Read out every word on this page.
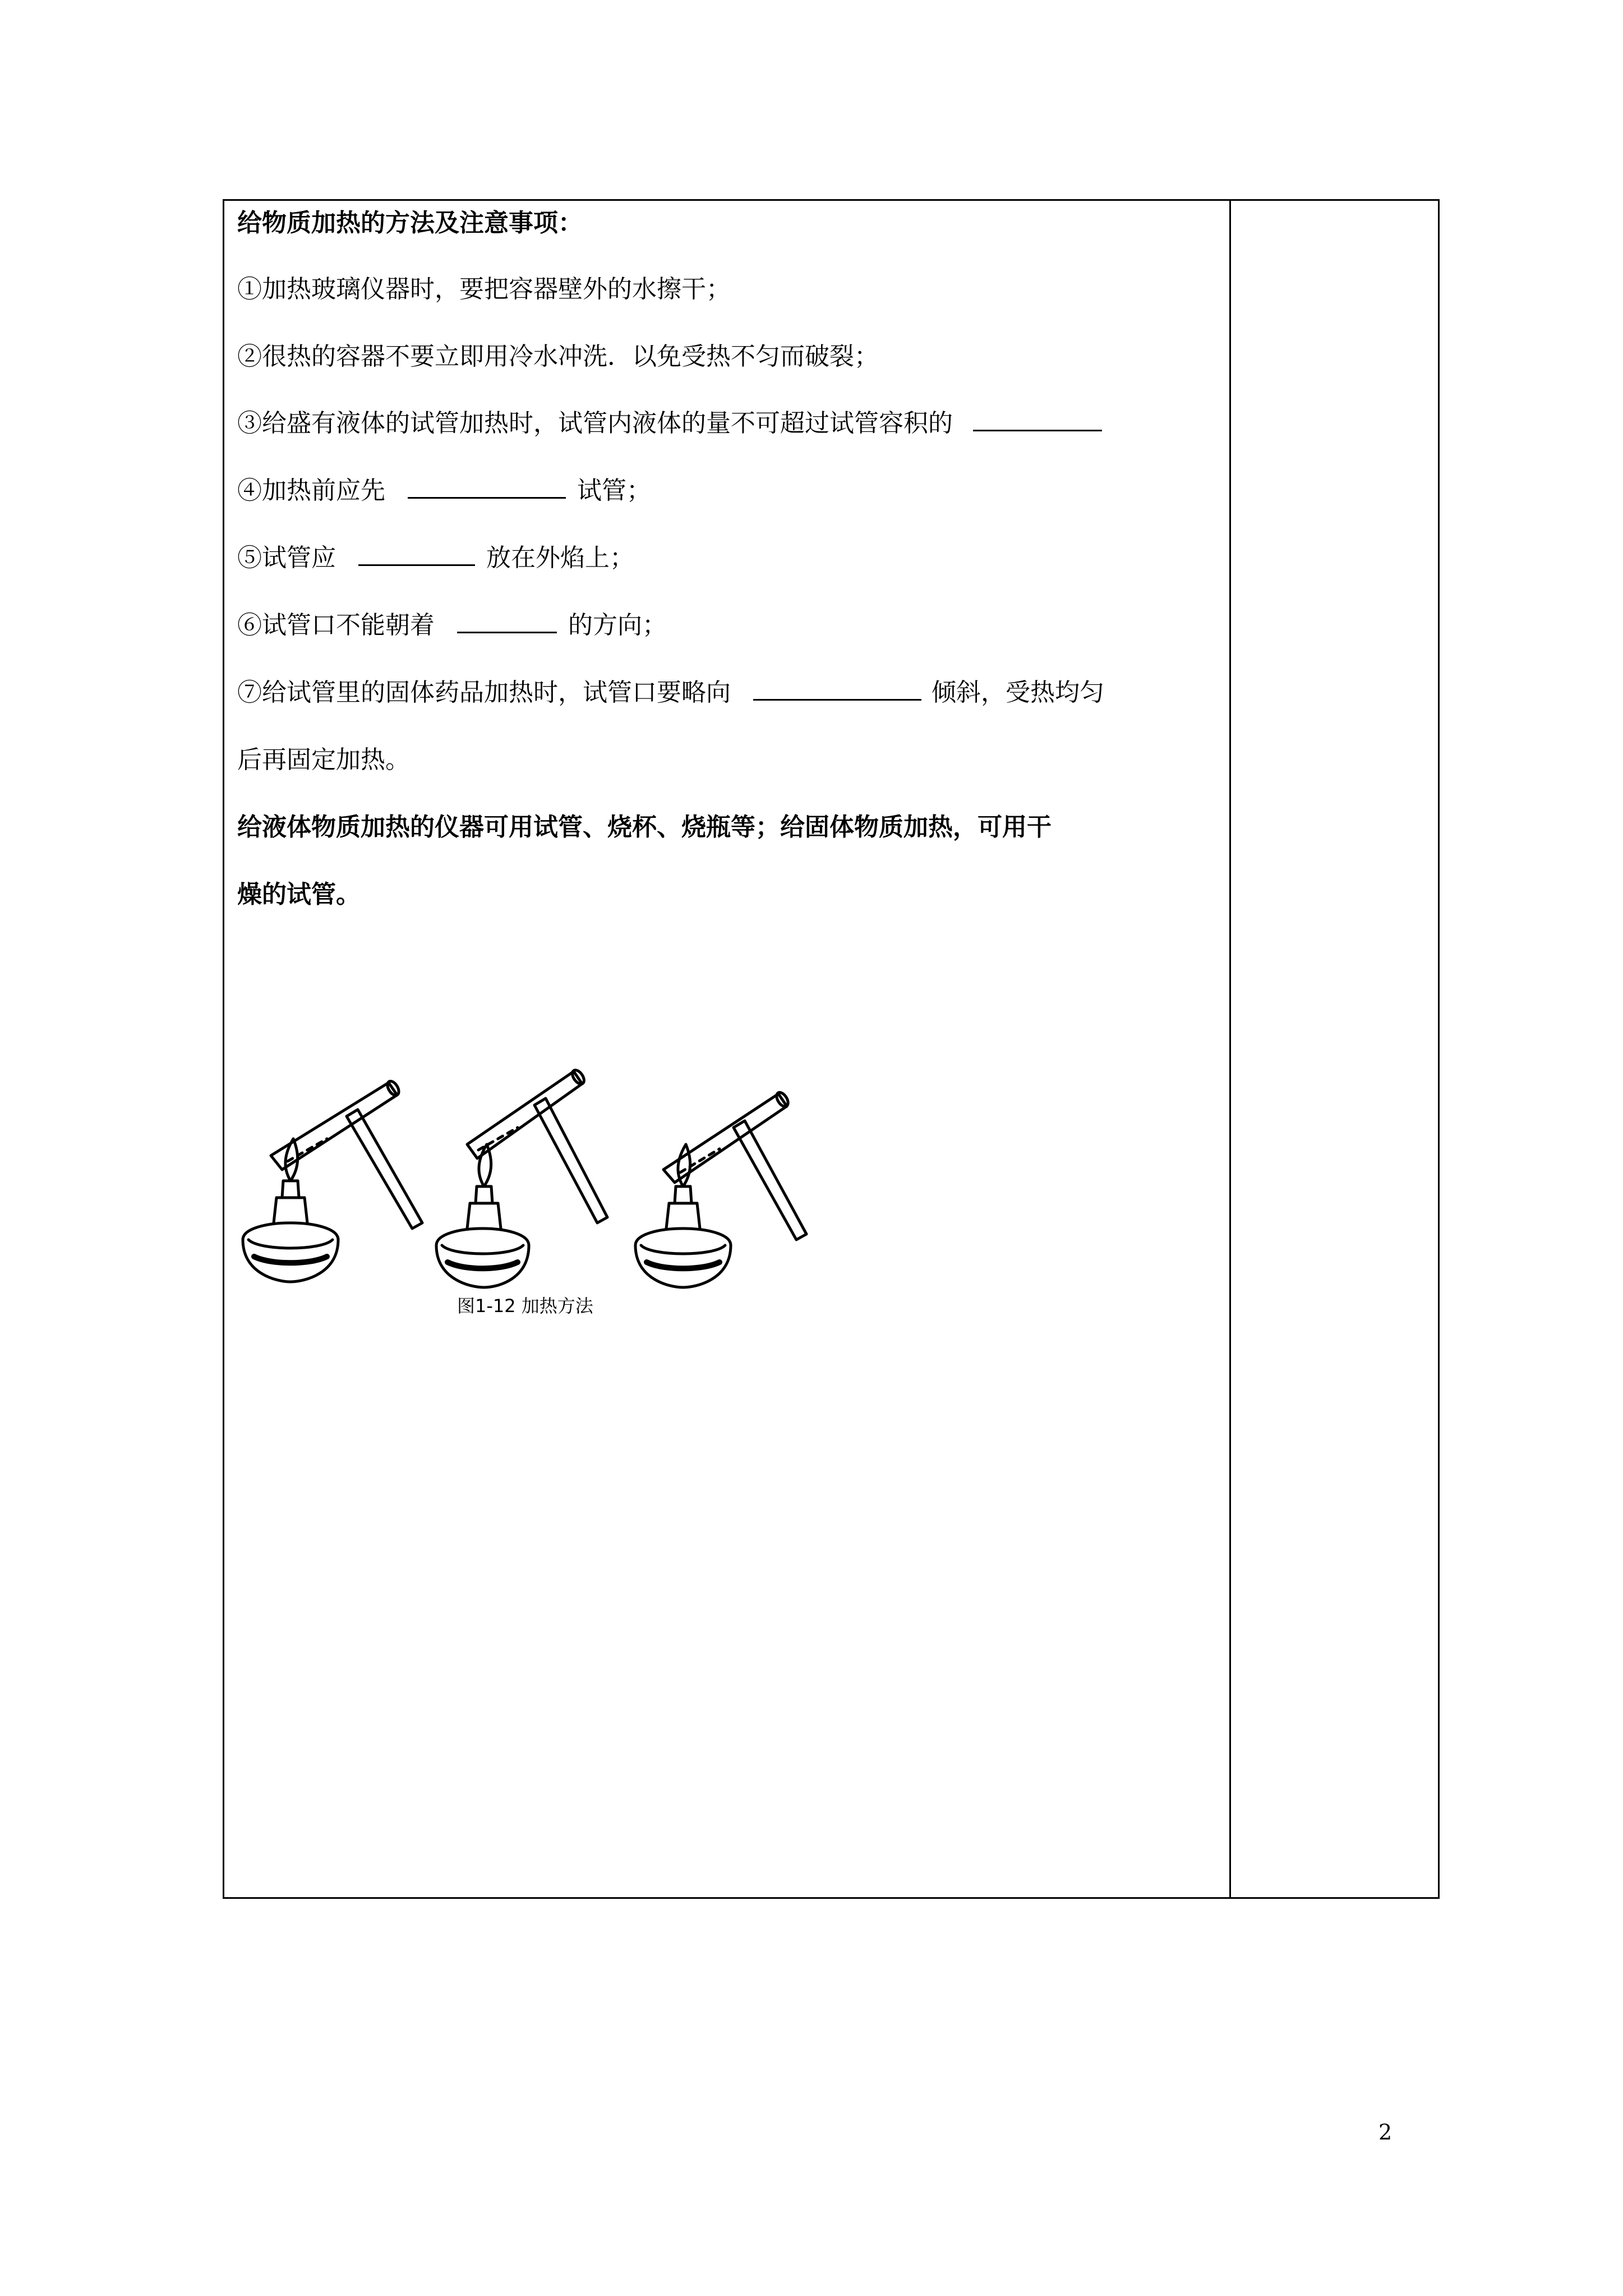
给物质加热的方法及注意事项：
①加热玻璃仪器时，要把容器壁外的水擦干；
②很热的容器不要立即用冷水冲洗．以免受热不匀而破裂；
③给盛有液体的试管加热时，试管内液体的量不可超过试管容积的
④加热前应先	试管；
⑤试管应	放在外焰上；
⑥试管口不能朝着	的方向；
⑦给试管里的固体药品加热时，试管口要略向	倾斜，受热均匀
后再固定加热。
给液体物质加热的仪器可用试管、烧杯、烧瓶等；给固体物质加热，可用干
燥的试管。
图1-12 加热方法
2
